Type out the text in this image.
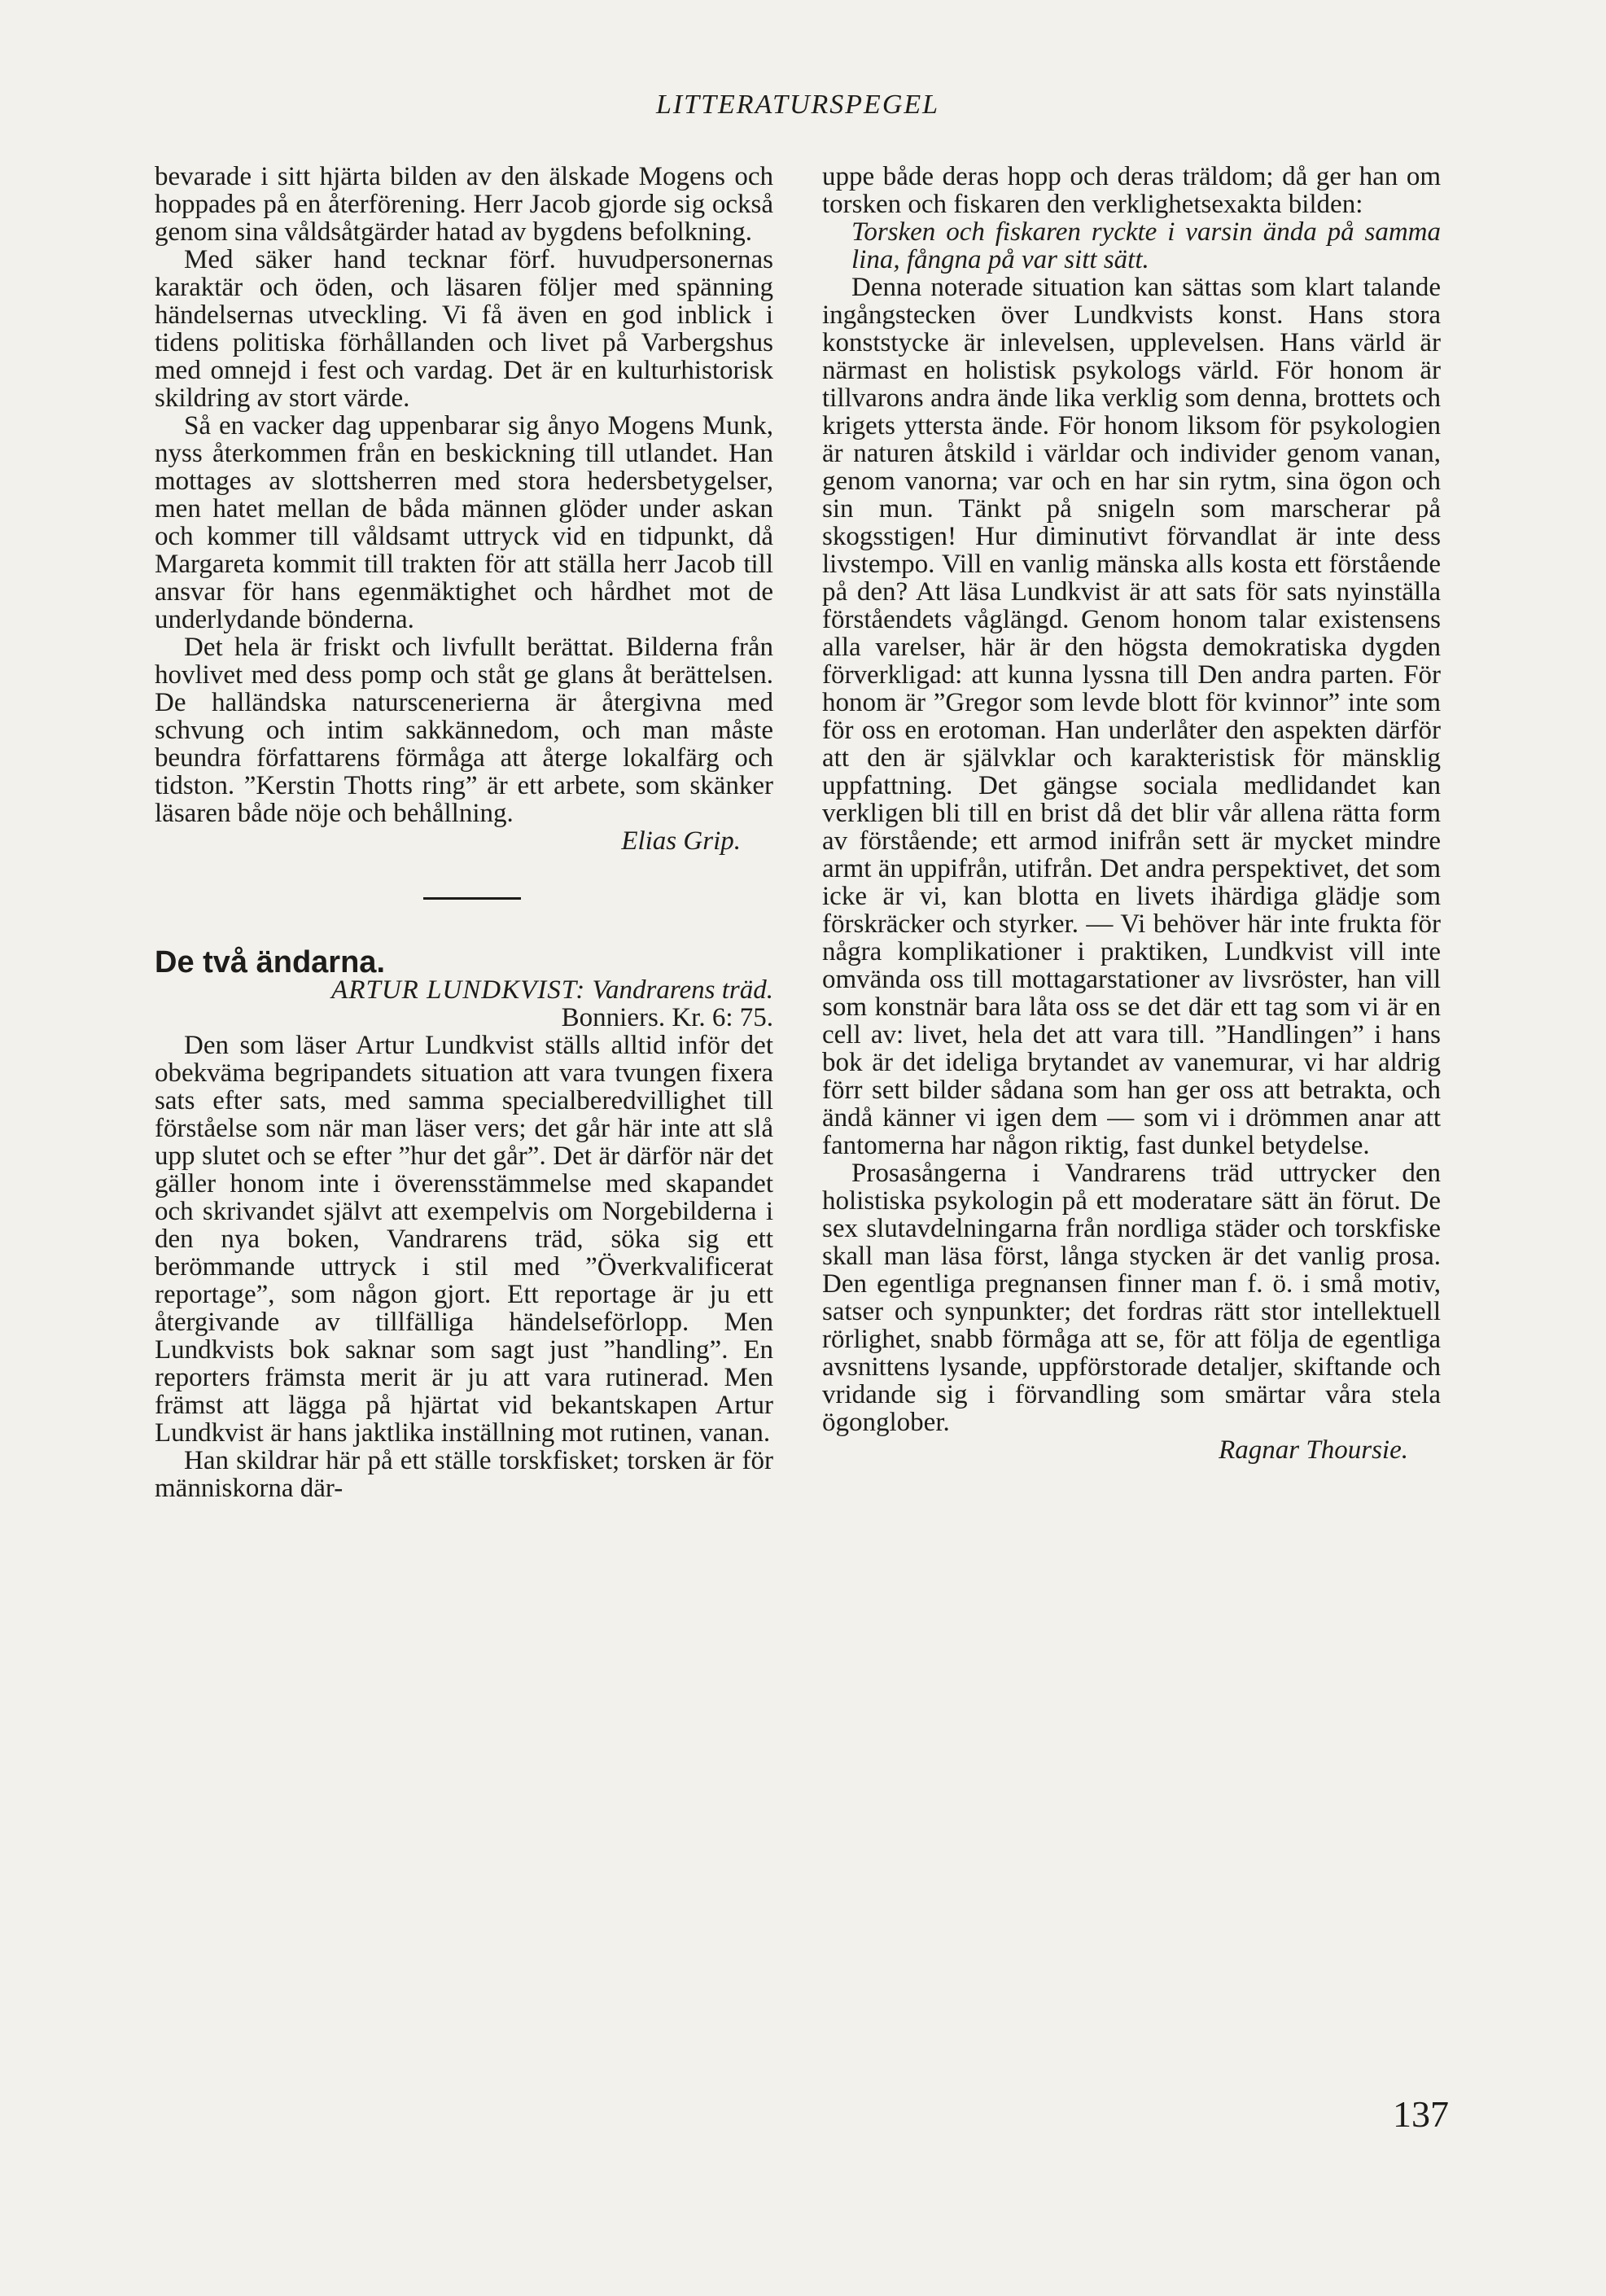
LITTERATURSPEGEL

bevarade i sitt hjärta bilden av den älskade Mogens och hoppades på en återförening. Herr Jacob gjorde sig också genom sina våldsåtgärder hatad av bygdens befolkning.

Med säker hand tecknar förf. huvudpersonernas karaktär och öden, och läsaren följer med spänning händelsernas utveckling. Vi få även en god inblick i tidens politiska förhållanden och livet på Varbergshus med omnejd i fest och vardag. Det är en kulturhistorisk skildring av stort värde.

Så en vacker dag uppenbarar sig ånyo Mogens Munk, nyss återkommen från en beskickning till utlandet. Han mottages av slottsherren med stora hedersbetygelser, men hatet mellan de båda männen glöder under askan och kommer till våldsamt uttryck vid en tidpunkt, då Margareta kommit till trakten för att ställa herr Jacob till ansvar för hans egenmäktighet och hårdhet mot de underlydande bönderna.

Det hela är friskt och livfullt berättat. Bilderna från hovlivet med dess pomp och ståt ge glans åt berättelsen. De halländska naturscenerierna är återgivna med schvung och intim sakkännedom, och man måste beundra författarens förmåga att återge lokalfärg och tidston. ”Kerstin Thotts ring” är ett arbete, som skänker läsaren både nöje och behållning.

Elias Grip.

De två ändarna.

ARTUR LUNDKVIST: Vandrarens träd. Bonniers. Kr. 6: 75.

Den som läser Artur Lundkvist ställs alltid inför det obekväma begripandets situation att vara tvungen fixera sats efter sats, med samma specialberedvillighet till förståelse som när man läser vers; det går här inte att slå upp slutet och se efter ”hur det går”. Det är därför när det gäller honom inte i överensstämmelse med skapandet och skrivandet självt att exempelvis om Norgebilderna i den nya boken, Vandrarens träd, söka sig ett berömmande uttryck i stil med ”Överkvalificerat reportage”, som någon gjort. Ett reportage är ju ett återgivande av tillfälliga händelseförlopp. Men Lundkvists bok saknar som sagt just ”handling”. En reporters främsta merit är ju att vara rutinerad. Men främst att lägga på hjärtat vid bekantskapen Artur Lundkvist är hans jaktlika inställning mot rutinen, vanan.

Han skildrar här på ett ställe torskfisket; torsken är för människorna där-

uppe både deras hopp och deras träldom; då ger han om torsken och fiskaren den verklighetsexakta bilden:

Torsken och fiskaren ryckte i varsin ända på samma lina, fångna på var sitt sätt.

Denna noterade situation kan sättas som klart talande ingångstecken över Lundkvists konst. Hans stora konststycke är inlevelsen, upplevelsen. Hans värld är närmast en holistisk psykologs värld. För honom är tillvarons andra ände lika verklig som denna, brottets och krigets yttersta ände. För honom liksom för psykologien är naturen åtskild i världar och individer genom vanan, genom vanorna; var och en har sin rytm, sina ögon och sin mun. Tänkt på snigeln som marscherar på skogsstigen! Hur diminutivt förvandlat är inte dess livstempo. Vill en vanlig mänska alls kosta ett förstående på den? Att läsa Lundkvist är att sats för sats nyinställa förståendets våglängd. Genom honom talar existensens alla varelser, här är den högsta demokratiska dygden förverkligad: att kunna lyssna till Den andra parten. För honom är ”Gregor som levde blott för kvinnor” inte som för oss en erotoman. Han underlåter den aspekten därför att den är självklar och karakteristisk för mänsklig uppfattning. Det gängse sociala medlidandet kan verkligen bli till en brist då det blir vår allena rätta form av förstående; ett armod inifrån sett är mycket mindre armt än uppifrån, utifrån. Det andra perspektivet, det som icke är vi, kan blotta en livets ihärdiga glädje som förskräcker och styrker. — Vi behöver här inte frukta för några komplikationer i praktiken, Lundkvist vill inte omvända oss till mottagarstationer av livsröster, han vill som konstnär bara låta oss se det där ett tag som vi är en cell av: livet, hela det att vara till. ”Handlingen” i hans bok är det ideliga brytandet av vanemurar, vi har aldrig förr sett bilder sådana som han ger oss att betrakta, och ändå känner vi igen dem — som vi i drömmen anar att fantomerna har någon riktig, fast dunkel betydelse.

Prosasångerna i Vandrarens träd uttrycker den holistiska psykologin på ett moderatare sätt än förut. De sex slutavdelningarna från nordliga städer och torskfiske skall man läsa först, långa stycken är det vanlig prosa. Den egentliga pregnansen finner man f. ö. i små motiv, satser och synpunkter; det fordras rätt stor intellektuell rörlighet, snabb förmåga att se, för att följa de egentliga avsnittens lysande, uppförstorade detaljer, skiftande och vridande sig i förvandling som smärtar våra stela ögonglober.

Ragnar Thoursie.

137
